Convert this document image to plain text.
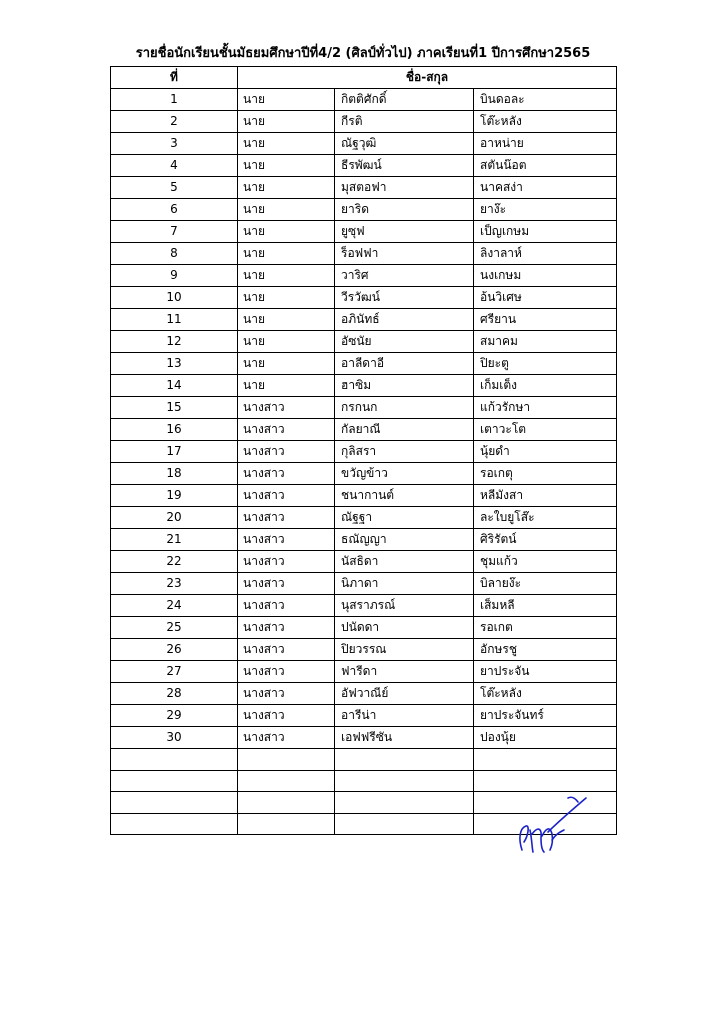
รายชื่อนักเรียนชั้นมัธยมศึกษาปีที่4/2 (ศิลป์ทั่วไป) ภาคเรียนที่1 ปีการศึกษา2565
ที่	ชื่อ-สกุล		
1	นาย	กิตติศักดิ์	บินดอละ
2	นาย	กีรติ	โต๊ะหลัง
3	นาย	ณัฐวุฒิ	อาหน่าย
4	นาย	ธีรพัฒน์	สตันน๊อต
5	นาย	มุสตอฟา	นาคสง่า
6	นาย	ยาริด	ยาง๊ะ
7	นาย	ยูซุฟ	เป็ญเกษม
8	นาย	ร็อฟฟา	ลิงาลาห์
9	นาย	วาริศ	นงเกษม
10	นาย	วีรวัฒน์	อ้นวิเศษ
11	นาย	อภินัทธ์	ศรียาน
12	นาย	อัซนัย	สมาคม
13	นาย	อาลีดาอี	ปิยะตู
14	นาย	ฮาซิม	เก็มเต็ง
15	นางสาว	กรกนก	แก้วรักษา
16	นางสาว	กัลยาณี	เตาวะโต
17	นางสาว	กุลิสรา	นุ้ยดำ
18	นางสาว	ขวัญข้าว	รอเกตุ
19	นางสาว	ชนากานต์	หลีมังสา
20	นางสาว	ณัฐฐา	ละใบยูโส๊ะ
21	นางสาว	ธณัญญา	ศิริรัตน์
22	นางสาว	นัสธิดา	ชุมแก้ว
23	นางสาว	นิภาดา	บิลายง๊ะ
24	นางสาว	นุสราภรณ์	เส็มหลี
25	นางสาว	ปนัดดา	รอเกต
26	นางสาว	ปิยวรรณ	อักษรชู
27	นางสาว	ฟารีดา	ยาประจัน
28	นางสาว	อัฟวาณีย์	โต๊ะหลัง
29	นางสาว	อารีน่า	ยาประจันทร์
30	นางสาว	เอฟฟรีซัน	ปองนุ้ย
